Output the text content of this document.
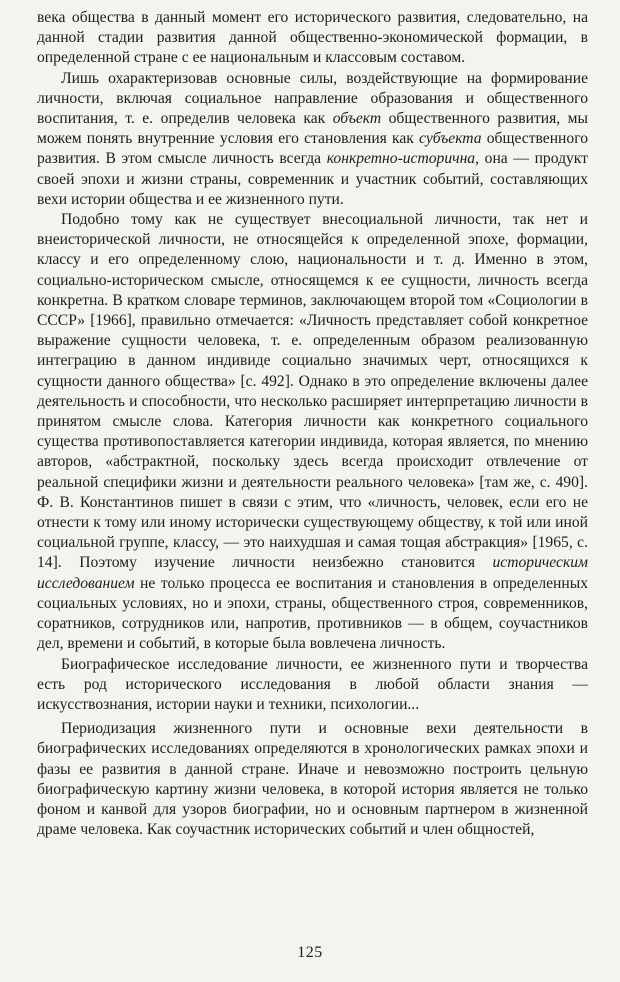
века общества в данный момент его исторического развития, следовательно, на данной стадии развития данной общественно-экономической формации, в определенной стране с ее национальным и классовым составом.

Лишь охарактеризовав основные силы, воздействующие на формирование личности, включая социальное направление образования и общественного воспитания, т. е. определив человека как объект общественного развития, мы можем понять внутренние условия его становления как субъекта общественного развития. В этом смысле личность всегда конкретно-исторична, она — продукт своей эпохи и жизни страны, современник и участник событий, составляющих вехи истории общества и ее жизненного пути.

Подобно тому как не существует внесоциальной личности, так нет и внеисторической личности, не относящейся к определенной эпохе, формации, классу и его определенному слою, национальности и т. д. Именно в этом, социально-историческом смысле, относящемся к ее сущности, личность всегда конкретна. В кратком словаре терминов, заключающем второй том «Социологии в СССР» [1966], правильно отмечается: «Личность представляет собой конкретное выражение сущности человека, т. е. определенным образом реализованную интеграцию в данном индивиде социально значимых черт, относящихся к сущности данного общества» [с. 492]. Однако в это определение включены далее деятельность и способности, что несколько расширяет интерпретацию личности в принятом смысле слова. Категория личности как конкретного социального существа противопоставляется категории индивида, которая является, по мнению авторов, «абстрактной, поскольку здесь всегда происходит отвлечение от реальной специфики жизни и деятельности реального человека» [там же, с. 490]. Ф. В. Константинов пишет в связи с этим, что «личность, человек, если его не отнести к тому или иному исторически существующему обществу, к той или иной социальной группе, классу, — это наихудшая и самая тощая абстракция» [1965, с. 14]. Поэтому изучение личности неизбежно становится историческим исследованием не только процесса ее воспитания и становления в определенных социальных условиях, но и эпохи, страны, общественного строя, современников, соратников, сотрудников или, напротив, противников — в общем, соучастников дел, времени и событий, в которые была вовлечена личность.

Биографическое исследование личности, ее жизненного пути и творчества есть род исторического исследования в любой области знания — искусствознания, истории науки и техники, психологии...

Периодизация жизненного пути и основные вехи деятельности в биографических исследованиях определяются в хронологических рамках эпохи и фазы ее развития в данной стране. Иначе и невозможно построить цельную биографическую картину жизни человека, в которой история является не только фоном и канвой для узоров биографии, но и основным партнером в жизненной драме человека. Как соучастник исторических событий и член общностей,

125
